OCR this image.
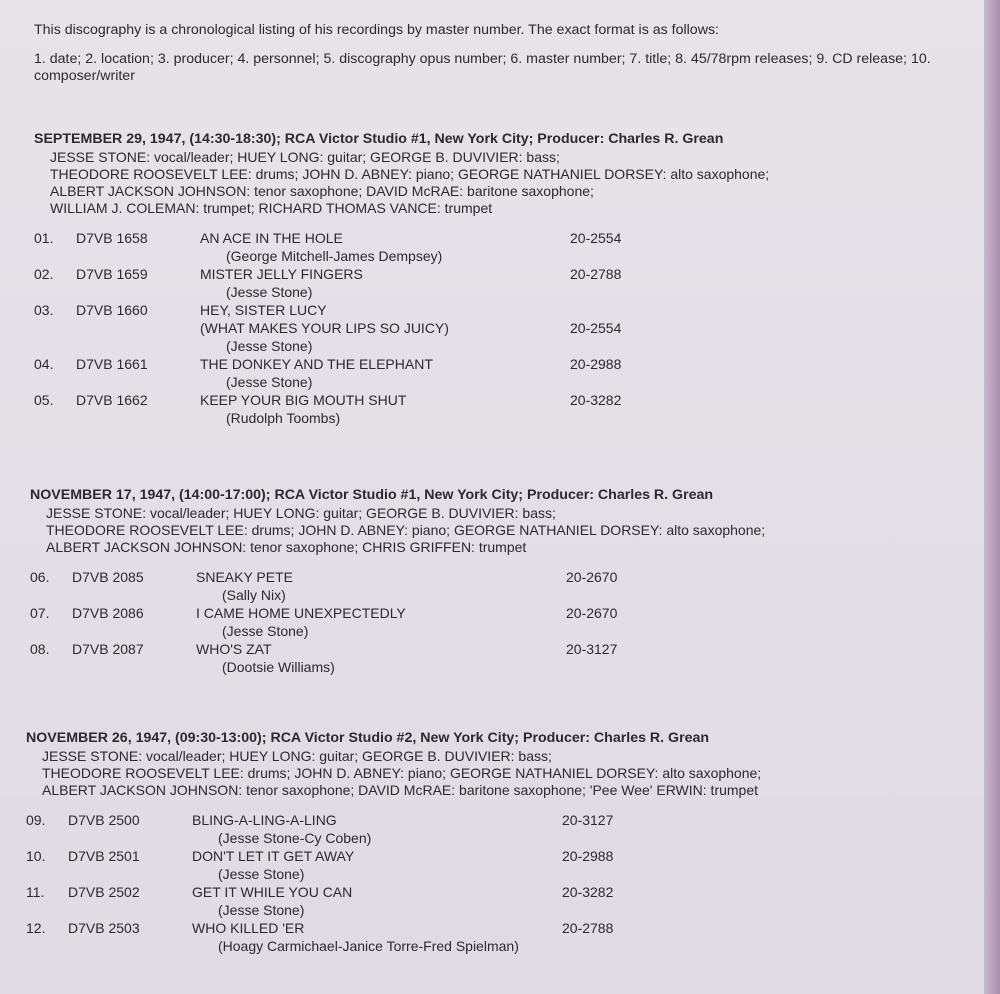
This discography is a chronological listing of his recordings by master number. The exact format is as follows:

1. date; 2. location; 3. producer; 4. personnel; 5. discography opus number; 6. master number; 7. title; 8. 45/78rpm releases; 9. CD release; 10. composer/writer

SEPTEMBER 29, 1947, (14:30-18:30); RCA Victor Studio #1, New York City; Producer: Charles R. Grean
JESSE STONE: vocal/leader; HUEY LONG: guitar; GEORGE B. DUVIVIER: bass;
THEODORE ROOSEVELT LEE: drums; JOHN D. ABNEY: piano; GEORGE NATHANIEL DORSEY: alto saxophone;
ALBERT JACKSON JOHNSON: tenor saxophone; DAVID McRAE: baritone saxophone;
WILLIAM J. COLEMAN: trumpet; RICHARD THOMAS VANCE: trumpet
01.	D7VB 1658	AN ACE IN THE HOLE	20-2554
(George Mitchell-James Dempsey)
02.	D7VB 1659	MISTER JELLY FINGERS	20-2788
(Jesse Stone)
03.	D7VB 1660	HEY, SISTER LUCY
(WHAT MAKES YOUR LIPS SO JUICY)	20-2554
(Jesse Stone)
04.	D7VB 1661	THE DONKEY AND THE ELEPHANT	20-2988
(Jesse Stone)
05.	D7VB 1662	KEEP YOUR BIG MOUTH SHUT	20-3282
(Rudolph Toombs)
NOVEMBER 17, 1947, (14:00-17:00); RCA Victor Studio #1, New York City; Producer: Charles R. Grean
JESSE STONE: vocal/leader; HUEY LONG: guitar; GEORGE B. DUVIVIER: bass;
THEODORE ROOSEVELT LEE: drums; JOHN D. ABNEY: piano; GEORGE NATHANIEL DORSEY: alto saxophone;
ALBERT JACKSON JOHNSON: tenor saxophone; CHRIS GRIFFEN: trumpet
06.	D7VB 2085	SNEAKY PETE	20-2670
(Sally Nix)
07.	D7VB 2086	I CAME HOME UNEXPECTEDLY	20-2670
(Jesse Stone)
08.	D7VB 2087	WHO'S ZAT	20-3127
(Dootsie Williams)
NOVEMBER 26, 1947, (09:30-13:00); RCA Victor Studio #2, New York City; Producer: Charles R. Grean
JESSE STONE: vocal/leader; HUEY LONG: guitar; GEORGE B. DUVIVIER: bass;
THEODORE ROOSEVELT LEE: drums; JOHN D. ABNEY: piano; GEORGE NATHANIEL DORSEY: alto saxophone;
ALBERT JACKSON JOHNSON: tenor saxophone; DAVID McRAE: baritone saxophone; 'Pee Wee' ERWIN: trumpet
09.	D7VB 2500	BLING-A-LING-A-LING	20-3127
(Jesse Stone-Cy Coben)
10.	D7VB 2501	DON'T LET IT GET AWAY	20-2988
(Jesse Stone)
11.	D7VB 2502	GET IT WHILE YOU CAN	20-3282
(Jesse Stone)
12.	D7VB 2503	WHO KILLED 'ER	20-2788
(Hoagy Carmichael-Janice Torre-Fred Spielman)
